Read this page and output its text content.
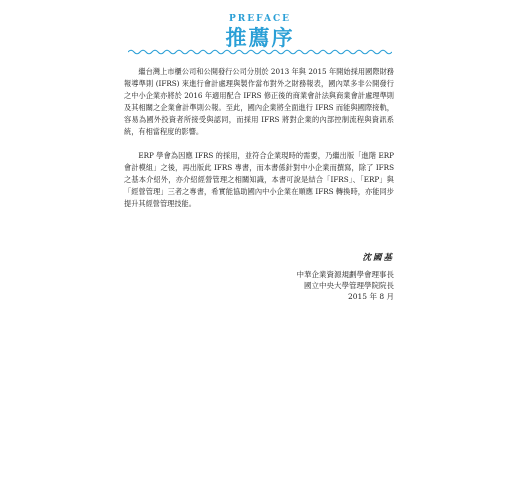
PREFACE
推薦序

繼台灣上市櫃公司和公開發行公司分別於 2013 年與 2015 年開始採用國際財務報導準則 (IFRS) 來進行會計處理與製作當布對外之財務報表，國內眾多非公開發行之中小企業亦將於 2016 年適用配合 IFRS 修正後的商業會計法與商業會計處理準則及其相關之企業會計準則公報。至此，國內企業將全面進行 IFRS 而能與國際接軌，容易為國外投資者所接受與認同，而採用 IFRS 將對企業的內部控制流程與資訊系統，有相當程度的影響。

ERP 學會為因應 IFRS 的採用，並符合企業現時的需要，乃繼出版「進階 ERP 會計模組」之後，再出版此 IFRS 專書，而本書係針對中小企業而撰寫，除了 IFRS 之基本介紹外，亦介紹經營管理之相關知識，本書可說是結合「IFRS」、「ERP」與「經營管理」三者之專書，希實能協助國內中小企業在順應 IFRS 轉換時，亦能同步提升其經營管理技能。

沈國基
中華企業資源規劃學會理事長
國立中央大學管理學院院長
2015 年 8 月
